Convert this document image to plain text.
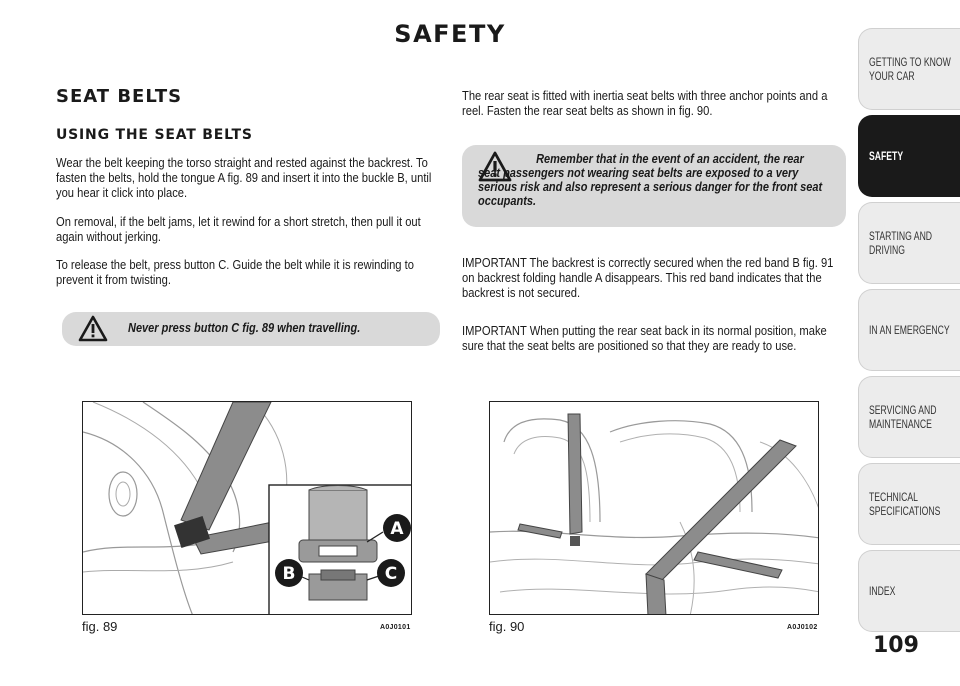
SAFETY
SEAT BELTS
USING THE SEAT BELTS
Wear the belt keeping the torso straight and rested against the backrest. To fasten the belts, hold the tongue A fig. 89 and insert it into the buckle B, until you hear it click into place.
On removal, if the belt jams, let it rewind for a short stretch, then pull it out again without jerking.
To release the belt, press button C. Guide the belt while it is rewinding to prevent it from twisting.
Never press button C fig. 89 when travelling.
The rear seat is fitted with inertia seat belts with three anchor points and a reel. Fasten the rear seat belts as shown in fig. 90.
Remember that in the event of an accident, the rear seat passengers not wearing seat belts are exposed to a very serious risk and also represent a serious danger for the front seat occupants.
IMPORTANT The backrest is correctly secured when the red band B fig. 91 on backrest folding handle A disappears. This red band indicates that the backrest is not secured.
IMPORTANT When putting the rear seat back in its normal position, make sure that the seat belts are positioned so that they are ready to use.
A
B	C
fig. 89	A0J0101	fig. 90	A0J0102
GETTING TO KNOW YOUR CAR
SAFETY
STARTING AND DRIVING
IN AN EMERGENCY
SERVICING AND MAINTENANCE
TECHNICAL SPECIFICATIONS
INDEX
109
